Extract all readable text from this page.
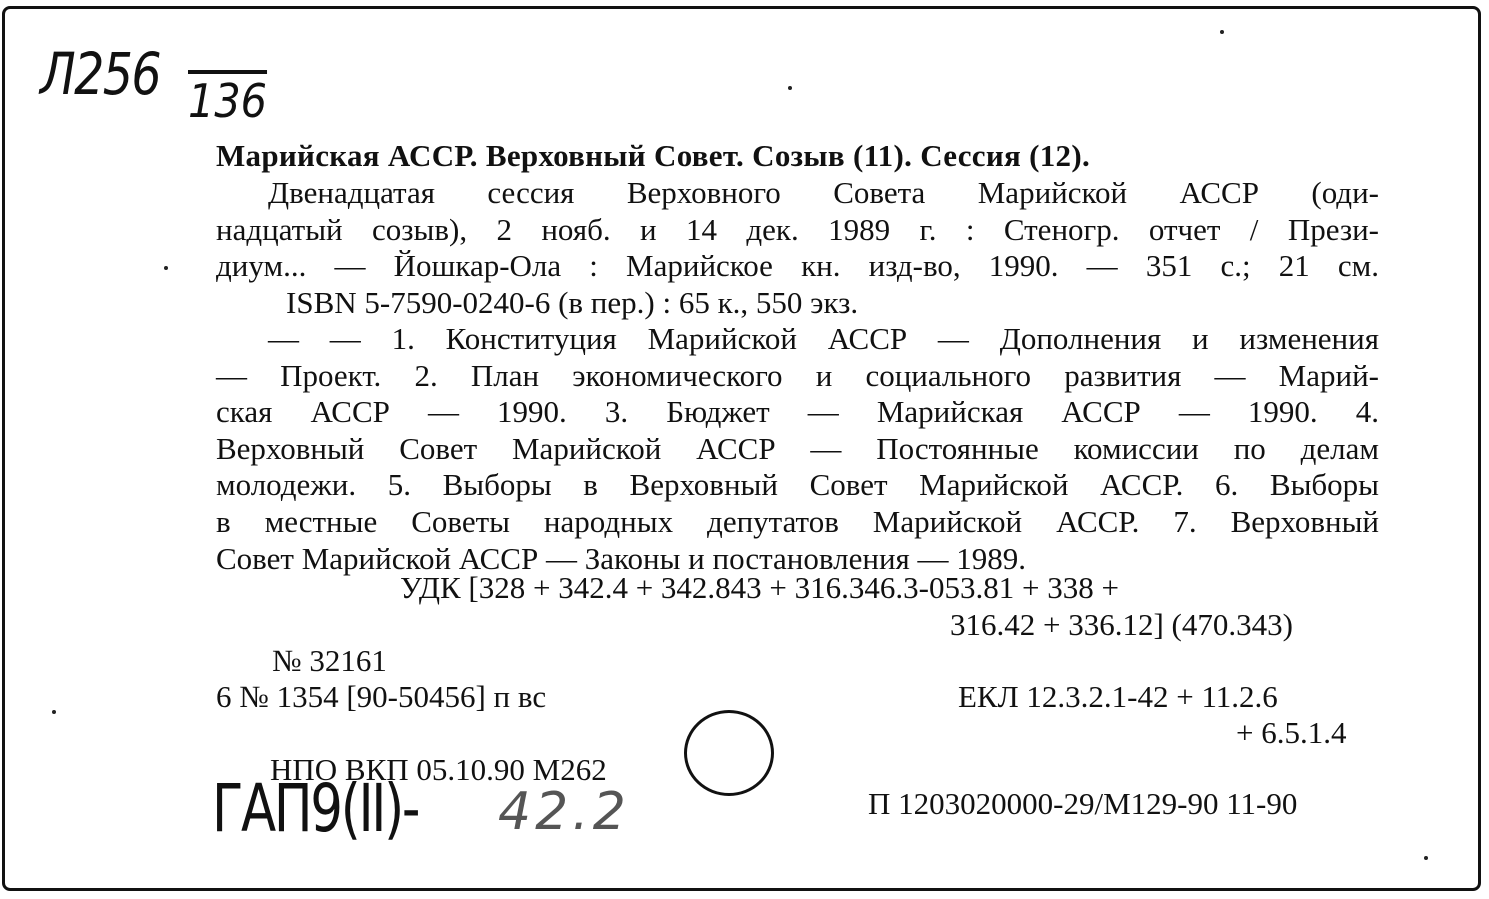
Л256 136
Марийская АССР. Верховный Совет. Созыв (11). Сессия (12).
Двенадцатая сессия Верховного Совета Марийской АССР (оди-
надцатый созыв), 2 нояб. и 14 дек. 1989 г. : Стеногр. отчет / Прези-
диум... — Йошкар-Ола : Марийское кн. изд-во, 1990. — 351 с.; 21 см.
ISBN 5-7590-0240-6 (в пер.) : 65 к., 550 экз.
— — 1. Конституция Марийской АССР — Дополнения и изменения
— Проект. 2. План экономического и социального развития — Марий-
ская АССР — 1990. 3. Бюджет — Марийская АССР — 1990. 4.
Верховный Совет Марийской АССР — Постоянные комиссии по делам
молодежи. 5. Выборы в Верховный Совет Марийской АССР. 6. Выборы
в местные Советы народных депутатов Марийской АССР. 7. Верховный
Совет Марийской АССР — Законы и постановления — 1989.
УДК [328 + 342.4 + 342.843 + 316.346.3-053.81 + 338 +
316.42 + 336.12] (470.343)
№ 32161
6 № 1354 [90-50456] п вс	ЕКЛ 12.3.2.1-42 + 11.2.6
+ 6.5.1.4
НПО ВКП 05.10.90 М262
ГАП9(II)- 42.2	П 1203020000-29/М129-90 11-90
